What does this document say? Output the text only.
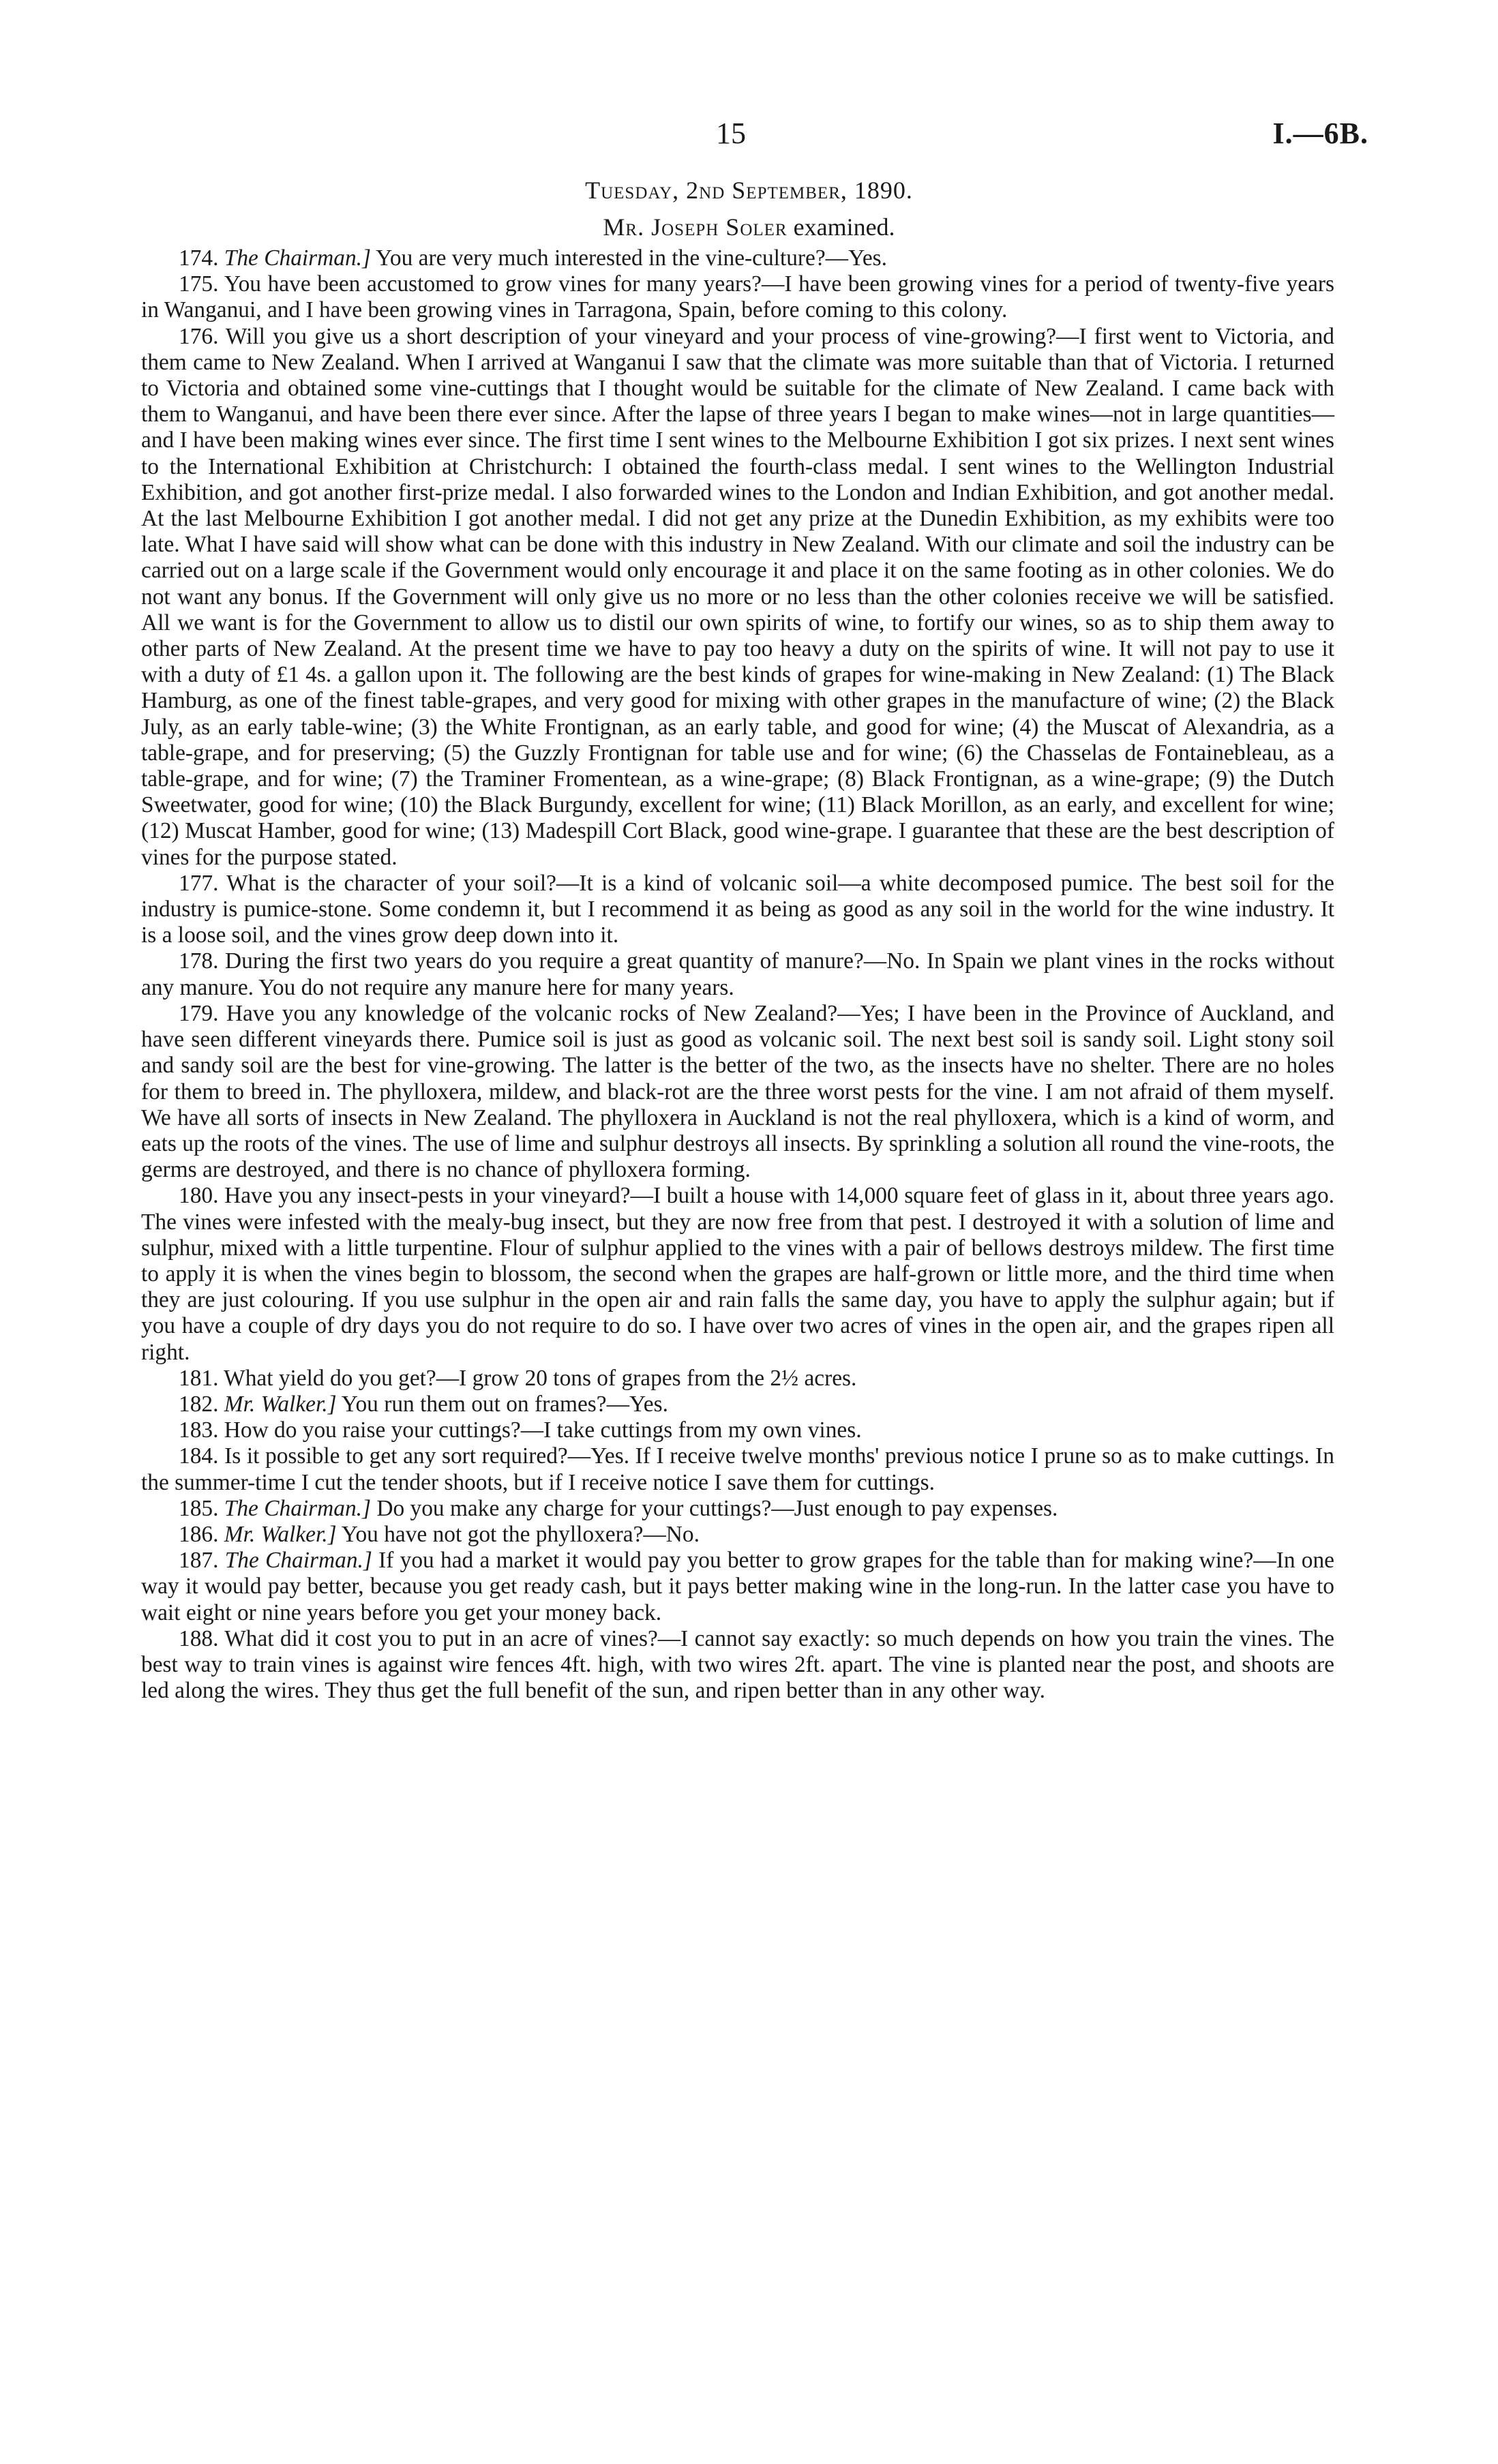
15	I.—6B.
Tuesday, 2nd September, 1890.
Mr. Joseph Soler examined.

174. The Chairman.] You are very much interested in the vine-culture?—Yes.

175. You have been accustomed to grow vines for many years?—I have been growing vines for a period of twenty-five years in Wanganui, and I have been growing vines in Tarragona, Spain, before coming to this colony.

176. Will you give us a short description of your vineyard and your process of vine-growing?—I first went to Victoria, and them came to New Zealand. When I arrived at Wanganui I saw that the climate was more suitable than that of Victoria. I returned to Victoria and obtained some vine-cuttings that I thought would be suitable for the climate of New Zealand. I came back with them to Wanganui, and have been there ever since. After the lapse of three years I began to make wines—not in large quantities—and I have been making wines ever since. The first time I sent wines to the Melbourne Exhibition I got six prizes. I next sent wines to the International Exhibition at Christchurch: I obtained the fourth-class medal. I sent wines to the Wellington Industrial Exhibition, and got another first-prize medal. I also forwarded wines to the London and Indian Exhibition, and got another medal. At the last Melbourne Exhibition I got another medal. I did not get any prize at the Dunedin Exhibition, as my exhibits were too late. What I have said will show what can be done with this industry in New Zealand. With our climate and soil the industry can be carried out on a large scale if the Government would only encourage it and place it on the same footing as in other colonies. We do not want any bonus. If the Government will only give us no more or no less than the other colonies receive we will be satisfied. All we want is for the Government to allow us to distil our own spirits of wine, to fortify our wines, so as to ship them away to other parts of New Zealand. At the present time we have to pay too heavy a duty on the spirits of wine. It will not pay to use it with a duty of £1 4s. a gallon upon it. The following are the best kinds of grapes for wine-making in New Zealand: (1) The Black Hamburg, as one of the finest table-grapes, and very good for mixing with other grapes in the manufacture of wine; (2) the Black July, as an early table-wine; (3) the White Frontignan, as an early table, and good for wine; (4) the Muscat of Alexandria, as a table-grape, and for preserving; (5) the Guzzly Frontignan for table use and for wine; (6) the Chasselas de Fontainebleau, as a table-grape, and for wine; (7) the Traminer Fromentean, as a wine-grape; (8) Black Frontignan, as a wine-grape; (9) the Dutch Sweetwater, good for wine; (10) the Black Burgundy, excellent for wine; (11) Black Morillon, as an early, and excellent for wine; (12) Muscat Hamber, good for wine; (13) Madespill Cort Black, good wine-grape. I guarantee that these are the best description of vines for the purpose stated.

177. What is the character of your soil?—It is a kind of volcanic soil—a white decomposed pumice. The best soil for the industry is pumice-stone. Some condemn it, but I recommend it as being as good as any soil in the world for the wine industry. It is a loose soil, and the vines grow deep down into it.

178. During the first two years do you require a great quantity of manure?—No. In Spain we plant vines in the rocks without any manure. You do not require any manure here for many years.

179. Have you any knowledge of the volcanic rocks of New Zealand?—Yes; I have been in the Province of Auckland, and have seen different vineyards there. Pumice soil is just as good as volcanic soil. The next best soil is sandy soil. Light stony soil and sandy soil are the best for vine-growing. The latter is the better of the two, as the insects have no shelter. There are no holes for them to breed in. The phylloxera, mildew, and black-rot are the three worst pests for the vine. I am not afraid of them myself. We have all sorts of insects in New Zealand. The phylloxera in Auckland is not the real phylloxera, which is a kind of worm, and eats up the roots of the vines. The use of lime and sulphur destroys all insects. By sprinkling a solution all round the vine-roots, the germs are destroyed, and there is no chance of phylloxera forming.

180. Have you any insect-pests in your vineyard?—I built a house with 14,000 square feet of glass in it, about three years ago. The vines were infested with the mealy-bug insect, but they are now free from that pest. I destroyed it with a solution of lime and sulphur, mixed with a little turpentine. Flour of sulphur applied to the vines with a pair of bellows destroys mildew. The first time to apply it is when the vines begin to blossom, the second when the grapes are half-grown or little more, and the third time when they are just colouring. If you use sulphur in the open air and rain falls the same day, you have to apply the sulphur again; but if you have a couple of dry days you do not require to do so. I have over two acres of vines in the open air, and the grapes ripen all right.

181. What yield do you get?—I grow 20 tons of grapes from the 2½ acres.

182. Mr. Walker.] You run them out on frames?—Yes.

183. How do you raise your cuttings?—I take cuttings from my own vines.

184. Is it possible to get any sort required?—Yes. If I receive twelve months' previous notice I prune so as to make cuttings. In the summer-time I cut the tender shoots, but if I receive notice I save them for cuttings.

185. The Chairman.] Do you make any charge for your cuttings?—Just enough to pay expenses.

186. Mr. Walker.] You have not got the phylloxera?—No.

187. The Chairman.] If you had a market it would pay you better to grow grapes for the table than for making wine?—In one way it would pay better, because you get ready cash, but it pays better making wine in the long-run. In the latter case you have to wait eight or nine years before you get your money back.

188. What did it cost you to put in an acre of vines?—I cannot say exactly: so much depends on how you train the vines. The best way to train vines is against wire fences 4ft. high, with two wires 2ft. apart. The vine is planted near the post, and shoots are led along the wires. They thus get the full benefit of the sun, and ripen better than in any other way.
